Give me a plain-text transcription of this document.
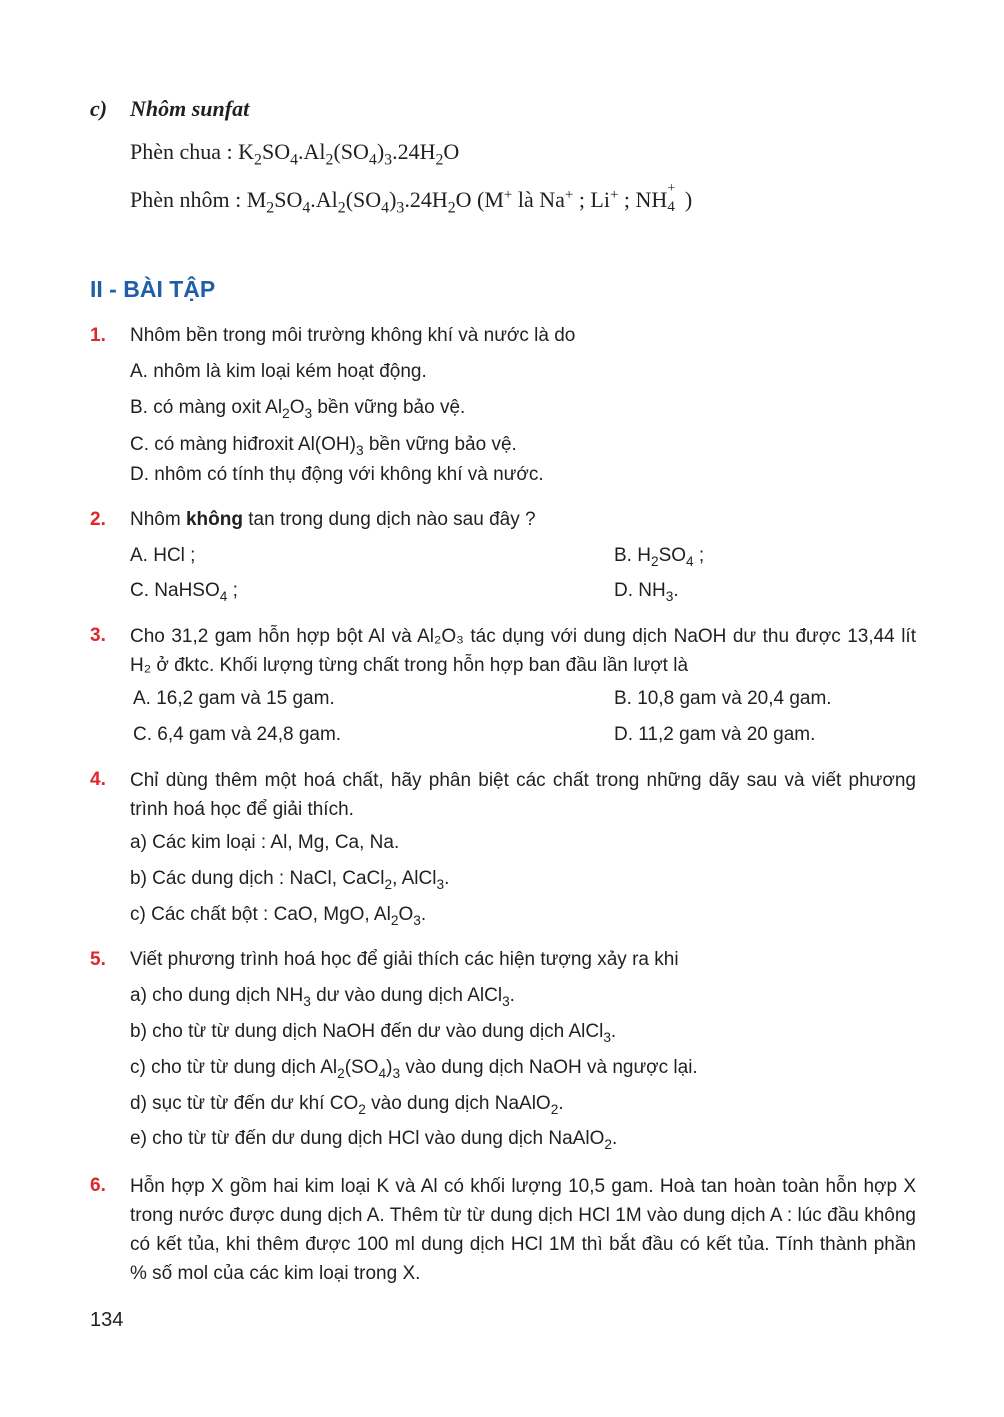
c) Nhôm sunfat
Phèn chua : $K_2SO_4.Al_2(SO_4)_3.24H_2O$
Phèn nhôm : $M_2SO_4.Al_2(SO_4)_3.24H_2O$ (M+ là Na+ ; Li+ ; NH +
4 )
II - BÀI TẬP
1. Nhôm bền trong môi trường không khí và nước là do
A. nhôm là kim loại kém hoạt động.
B. có màng oxit $Al_2O_3$ bền vững bảo vệ.
C. có màng hiđroxit $Al(OH)_3$ bền vững bảo vệ.
D. nhôm có tính thụ động với không khí và nước.
2. Nhôm không tan trong dung dịch nào sau đây ?
A. HCl ;	B. $H_2SO_4$ ;
C. NaHSO$_4$ ;	D. $NH_3$.
3. Cho 31,2 gam hỗn hợp bột Al và Al₂O₃ tác dụng với dung dịch NaOH dư thu được 13,44 lít H₂ ở đktc. Khối lượng từng chất trong hỗn hợp ban đầu lần lượt là
A. 16,2 gam và 15 gam.	B. 10,8 gam và 20,4 gam.
C. 6,4 gam và 24,8 gam.	D. 11,2 gam và 20 gam.
4. Chỉ dùng thêm một hoá chất, hãy phân biệt các chất trong những dãy sau và viết phương trình hoá học để giải thích.
a) Các kim loại : Al, Mg, Ca, Na.
b) Các dung dịch : NaCl, CaCl$_2$, AlCl$_3$.
c) Các chất bột : CaO, MgO, $Al_2O_3$.
5. Viết phương trình hoá học để giải thích các hiện tượng xảy ra khi
a) cho dung dịch $NH_3$ dư vào dung dịch AlCl$_3$.
b) cho từ từ dung dịch NaOH đến dư vào dung dịch AlCl$_3$.
c) cho từ từ dung dịch $Al_2(SO_4)_3$ vào dung dịch NaOH và ngược lại.
d) sục từ từ đến dư khí $CO_2$ vào dung dịch NaAlO$_2$.
e) cho từ từ đến dư dung dịch HCl vào dung dịch NaAlO$_2$.
6. Hỗn hợp X gồm hai kim loại K và Al có khối lượng 10,5 gam. Hoà tan hoàn toàn hỗn hợp X trong nước được dung dịch A. Thêm từ từ dung dịch HCl 1M vào dung dịch A : lúc đầu không có kết tủa, khi thêm được 100 ml dung dịch HCl 1M thì bắt đầu có kết tủa. Tính thành phần % số mol của các kim loại trong X.
134
